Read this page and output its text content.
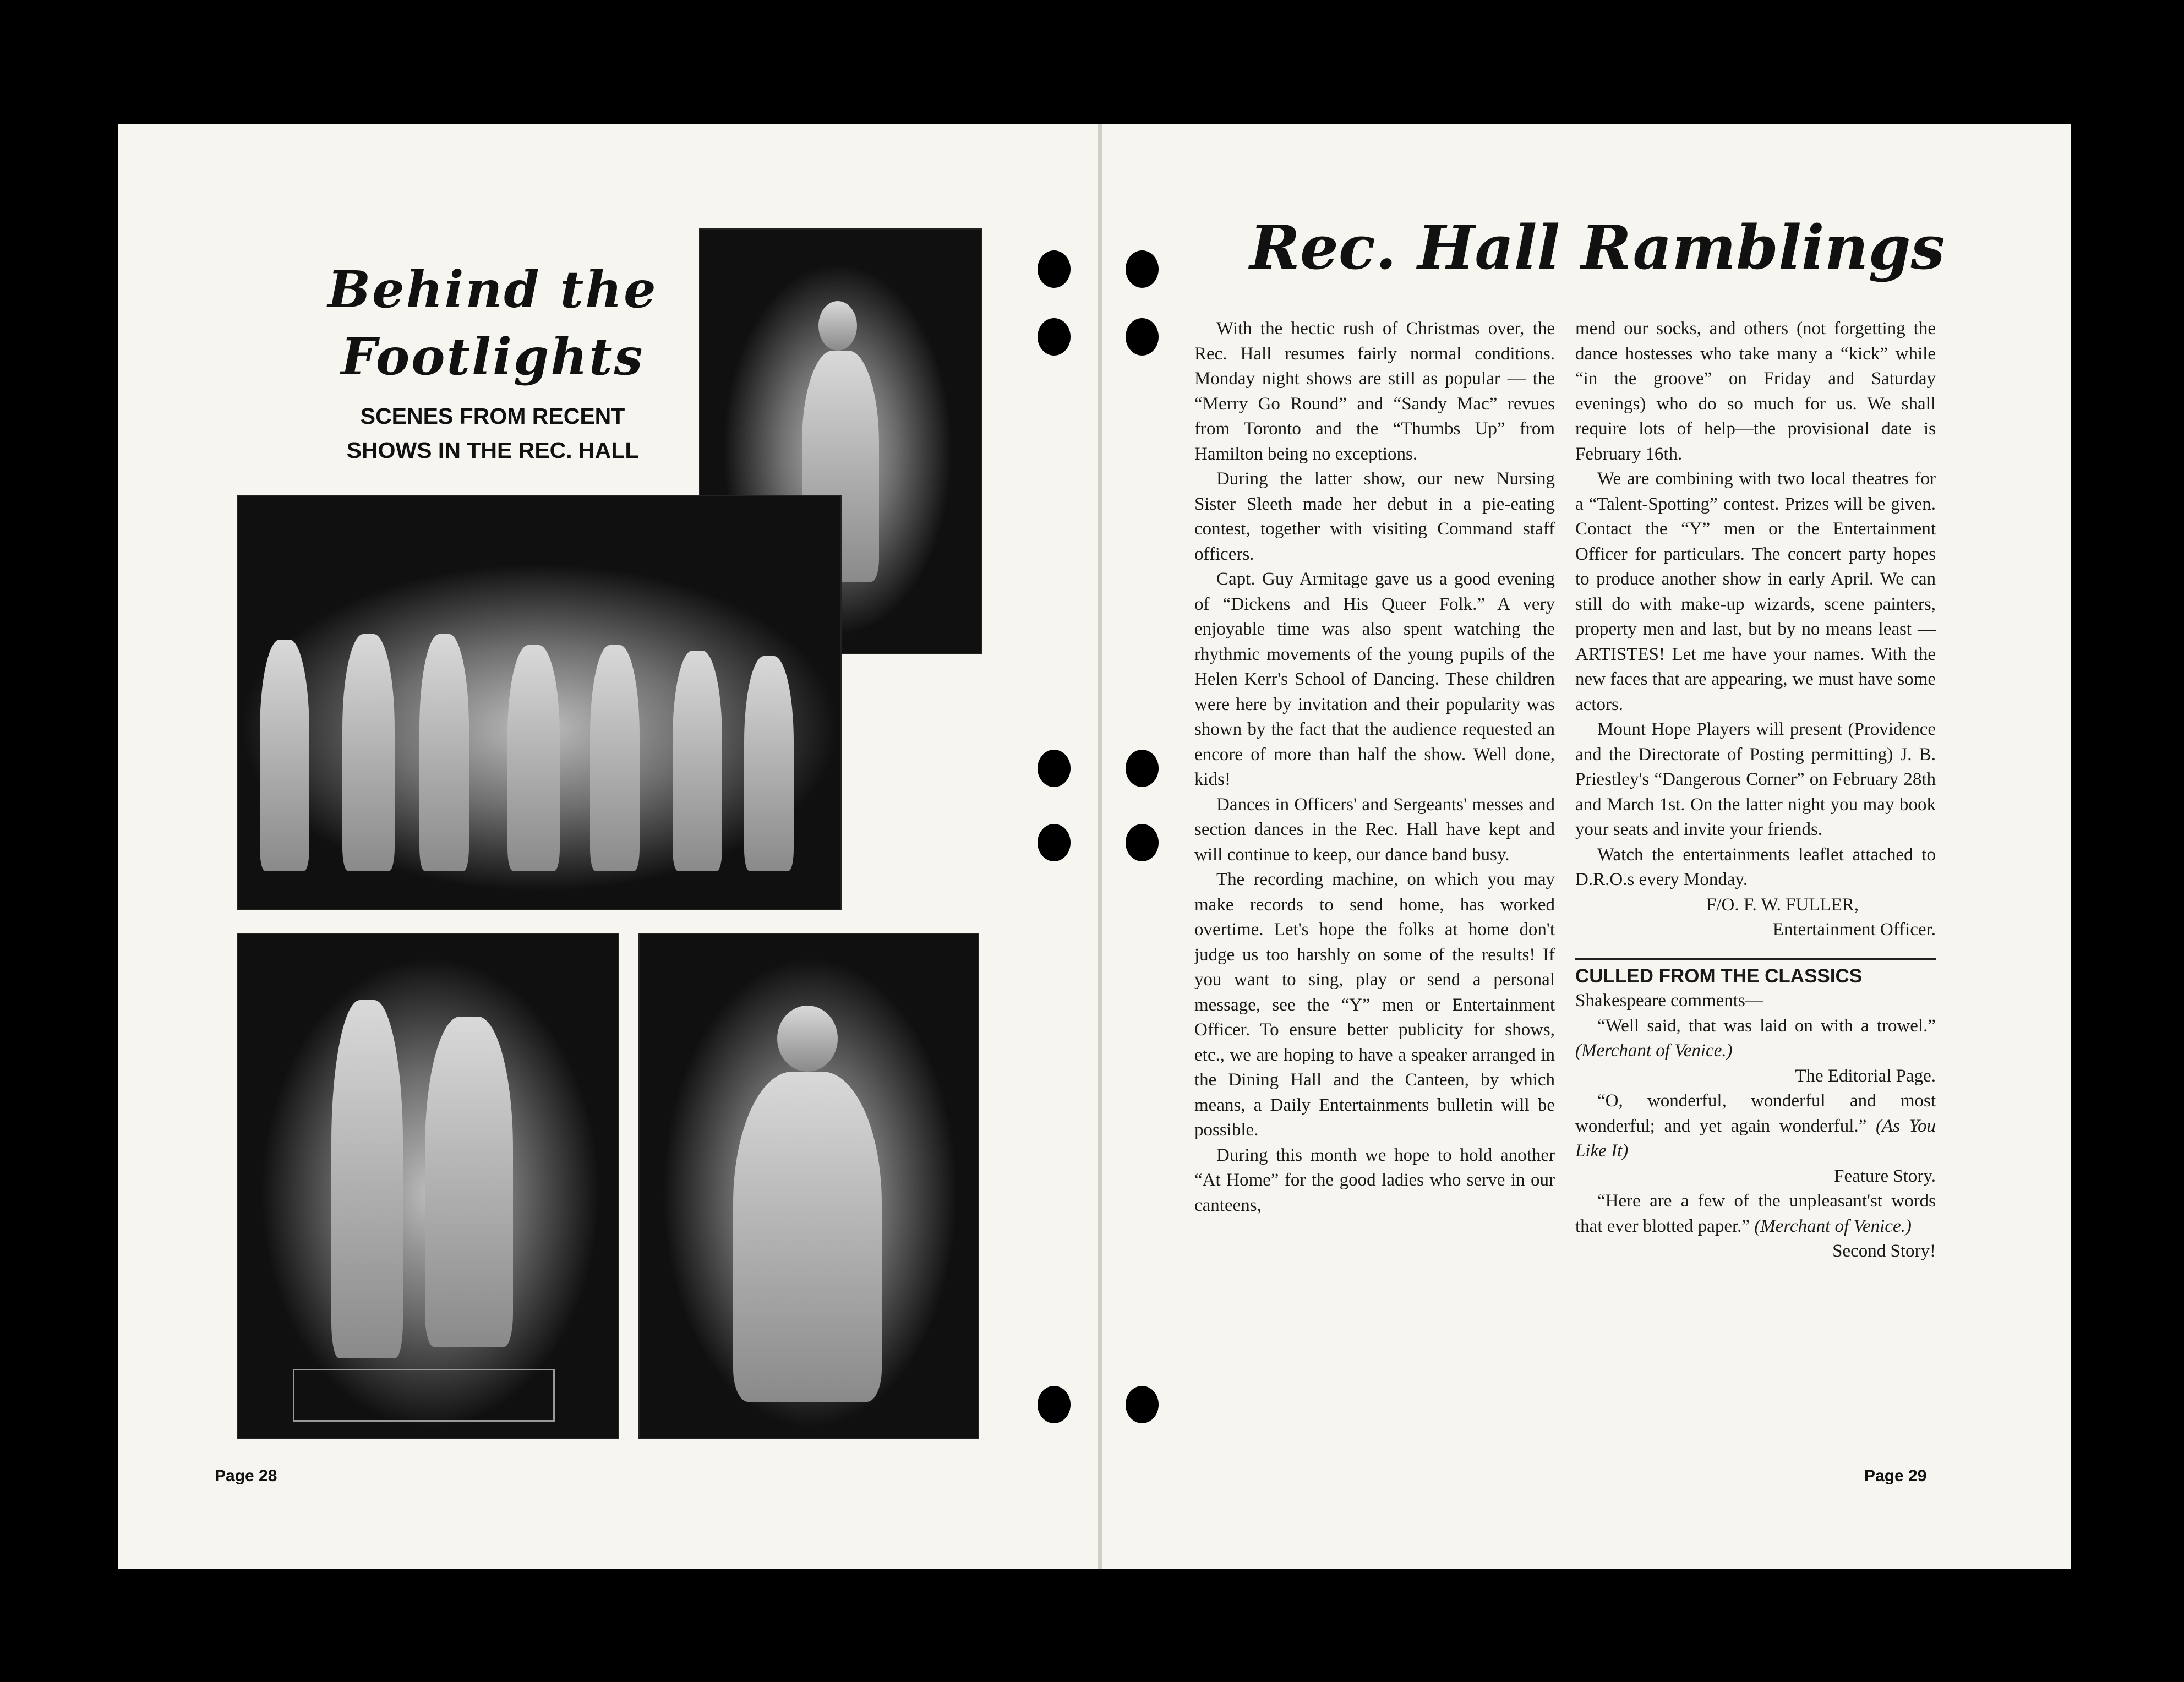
Behind the
Footlights
SCENES FROM RECENT
SHOWS IN THE REC. HALL
Page 28
Rec. Hall Ramblings

With the hectic rush of Christmas over, the Rec. Hall resumes fairly normal conditions. Monday night shows are still as popular — the “Merry Go Round” and “Sandy Mac” revues from Toronto and the “Thumbs Up” from Hamilton being no exceptions.

During the latter show, our new Nursing Sister Sleeth made her debut in a pie-eating contest, together with visiting Command staff officers.

Capt. Guy Armitage gave us a good evening of “Dickens and His Queer Folk.” A very enjoyable time was also spent watching the rhythmic movements of the young pupils of the Helen Kerr's School of Dancing. These children were here by invitation and their popularity was shown by the fact that the audience requested an encore of more than half the show. Well done, kids!

Dances in Officers' and Sergeants' messes and section dances in the Rec. Hall have kept and will continue to keep, our dance band busy.

The recording machine, on which you may make records to send home, has worked overtime. Let's hope the folks at home don't judge us too harshly on some of the results! If you want to sing, play or send a personal message, see the “Y” men or Entertainment Officer. To ensure better publicity for shows, etc., we are hoping to have a speaker arranged in the Dining Hall and the Canteen, by which means, a Daily Entertainments bulletin will be possible.

During this month we hope to hold another “At Home” for the good ladies who serve in our canteens,

mend our socks, and others (not forgetting the dance hostesses who take many a “kick” while “in the groove” on Friday and Saturday evenings) who do so much for us. We shall require lots of help—the provisional date is February 16th.

We are combining with two local theatres for a “Talent-Spotting” contest. Prizes will be given. Contact the “Y” men or the Entertainment Officer for particulars. The concert party hopes to produce another show in early April. We can still do with make-up wizards, scene painters, property men and last, but by no means least — ARTISTES! Let me have your names. With the new faces that are appearing, we must have some actors.

Mount Hope Players will present (Providence and the Directorate of Posting permitting) J. B. Priestley's “Dangerous Corner” on February 28th and March 1st. On the latter night you may book your seats and invite your friends.

Watch the entertainments leaflet attached to D.R.O.s every Monday.

F/O. F. W. FULLER,

Entertainment Officer.

CULLED FROM THE CLASSICS

Shakespeare comments—

“Well said, that was laid on with a trowel.” (Merchant of Venice.)

The Editorial Page.

“O, wonderful, wonderful and most wonderful; and yet again wonderful.” (As You Like It)

Feature Story.

“Here are a few of the unpleasant'st words that ever blotted paper.” (Merchant of Venice.)

Second Story!

Page 29
